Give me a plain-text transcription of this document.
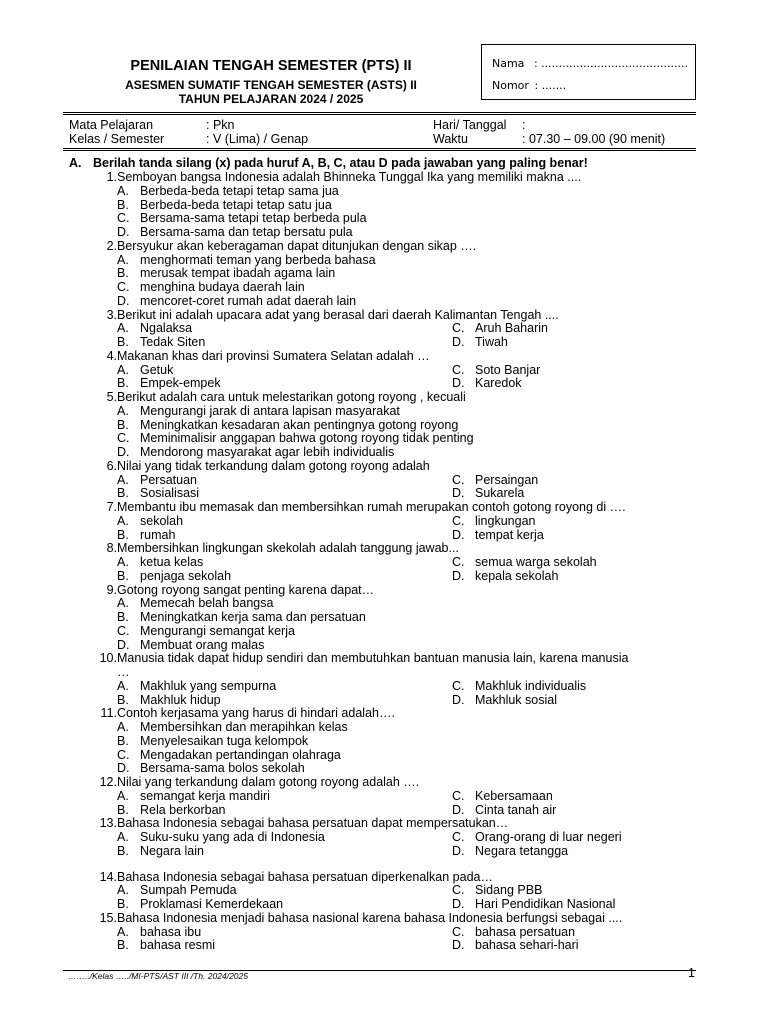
PENILAIAN TENGAH SEMESTER (PTS) II
ASESMEN SUMATIF TENGAH SEMESTER (ASTS) II
TAHUN PELAJARAN 2024 / 2025
Nama : ..........................................
Nomor : .......
Mata Pelajaran	: Pkn	Hari/ Tanggal :
Kelas / Semester	: V (Lima) / Genap	Waktu	: 07.30 – 09.00 (90 menit)
A. Berilah tanda silang (x) pada huruf A, B, C, atau D pada jawaban yang paling benar!
1. Semboyan bangsa Indonesia adalah Bhinneka Tunggal Ika yang memiliki makna ....
A. Berbeda-beda tetapi tetap sama jua
B. Berbeda-beda tetapi tetap satu jua
C. Bersama-sama tetapi tetap berbeda pula
D. Bersama-sama dan tetap bersatu pula
2. Bersyukur akan keberagaman dapat ditunjukan dengan sikap ….
A. menghormati teman yang berbeda bahasa
B. merusak tempat ibadah agama lain
C. menghina budaya daerah lain
D. mencoret-coret rumah adat daerah lain
3. Berikut ini adalah upacara adat yang berasal dari daerah Kalimantan Tengah ....
A. Ngalaksa	C. Aruh Baharin
B. Tedak Siten	D. Tiwah
4. Makanan khas dari provinsi Sumatera Selatan adalah …
A. Getuk	C. Soto Banjar
B. Empek-empek	D. Karedok
5. Berikut adalah cara untuk melestarikan gotong royong , kecuali
A. Mengurangi jarak di antara lapisan masyarakat
B. Meningkatkan kesadaran akan pentingnya gotong royong
C. Meminimalisir anggapan bahwa gotong royong tidak penting
D. Mendorong masyarakat agar lebih individualis
6. Nilai yang tidak terkandung dalam gotong royong adalah
A. Persatuan	C. Persaingan
B. Sosialisasi	D. Sukarela
7. Membantu ibu memasak dan membersihkan rumah merupakan contoh gotong royong di ….
A. sekolah	C. lingkungan
B. rumah	D. tempat kerja
8. Membersihkan lingkungan skekolah adalah tanggung jawab...
A. ketua kelas	C. semua warga sekolah
B. penjaga sekolah	D. kepala sekolah
9. Gotong royong sangat penting karena dapat…
A. Memecah belah bangsa
B. Meningkatkan kerja sama dan persatuan
C. Mengurangi semangat kerja
D. Membuat orang malas
10. Manusia tidak dapat hidup sendiri dan membutuhkan bantuan manusia lain, karena manusia
…
A. Makhluk yang sempurna	C. Makhluk individualis
B. Makhluk hidup	D. Makhluk sosial
11. Contoh kerjasama yang harus di hindari adalah….
A. Membersihkan dan merapihkan kelas
B. Menyelesaikan tuga kelompok
C. Mengadakan pertandingan olahraga
D. Bersama-sama bolos sekolah
12. Nilai yang terkandung dalam gotong royong adalah ….
A. semangat kerja mandiri	C. Kebersamaan
B. Rela berkorban	D. Cinta tanah air
13. Bahasa Indonesia sebagai bahasa persatuan dapat mempersatukan…
A. Suku-suku yang ada di Indonesia	C. Orang-orang di luar negeri
B. Negara lain	D. Negara tetangga
14. Bahasa Indonesia sebagai bahasa persatuan diperkenalkan pada…
A. Sumpah Pemuda	C. Sidang PBB
B. Proklamasi Kemerdekaan	D. Hari Pendidikan Nasional
15. Bahasa Indonesia menjadi bahasa nasional karena bahasa Indonesia berfungsi sebagai ....
A. bahasa ibu	C. bahasa persatuan
B. bahasa resmi	D. bahasa sehari-hari
……../Kelas …../MI-PTS/AST III /Th. 2024/2025	1
